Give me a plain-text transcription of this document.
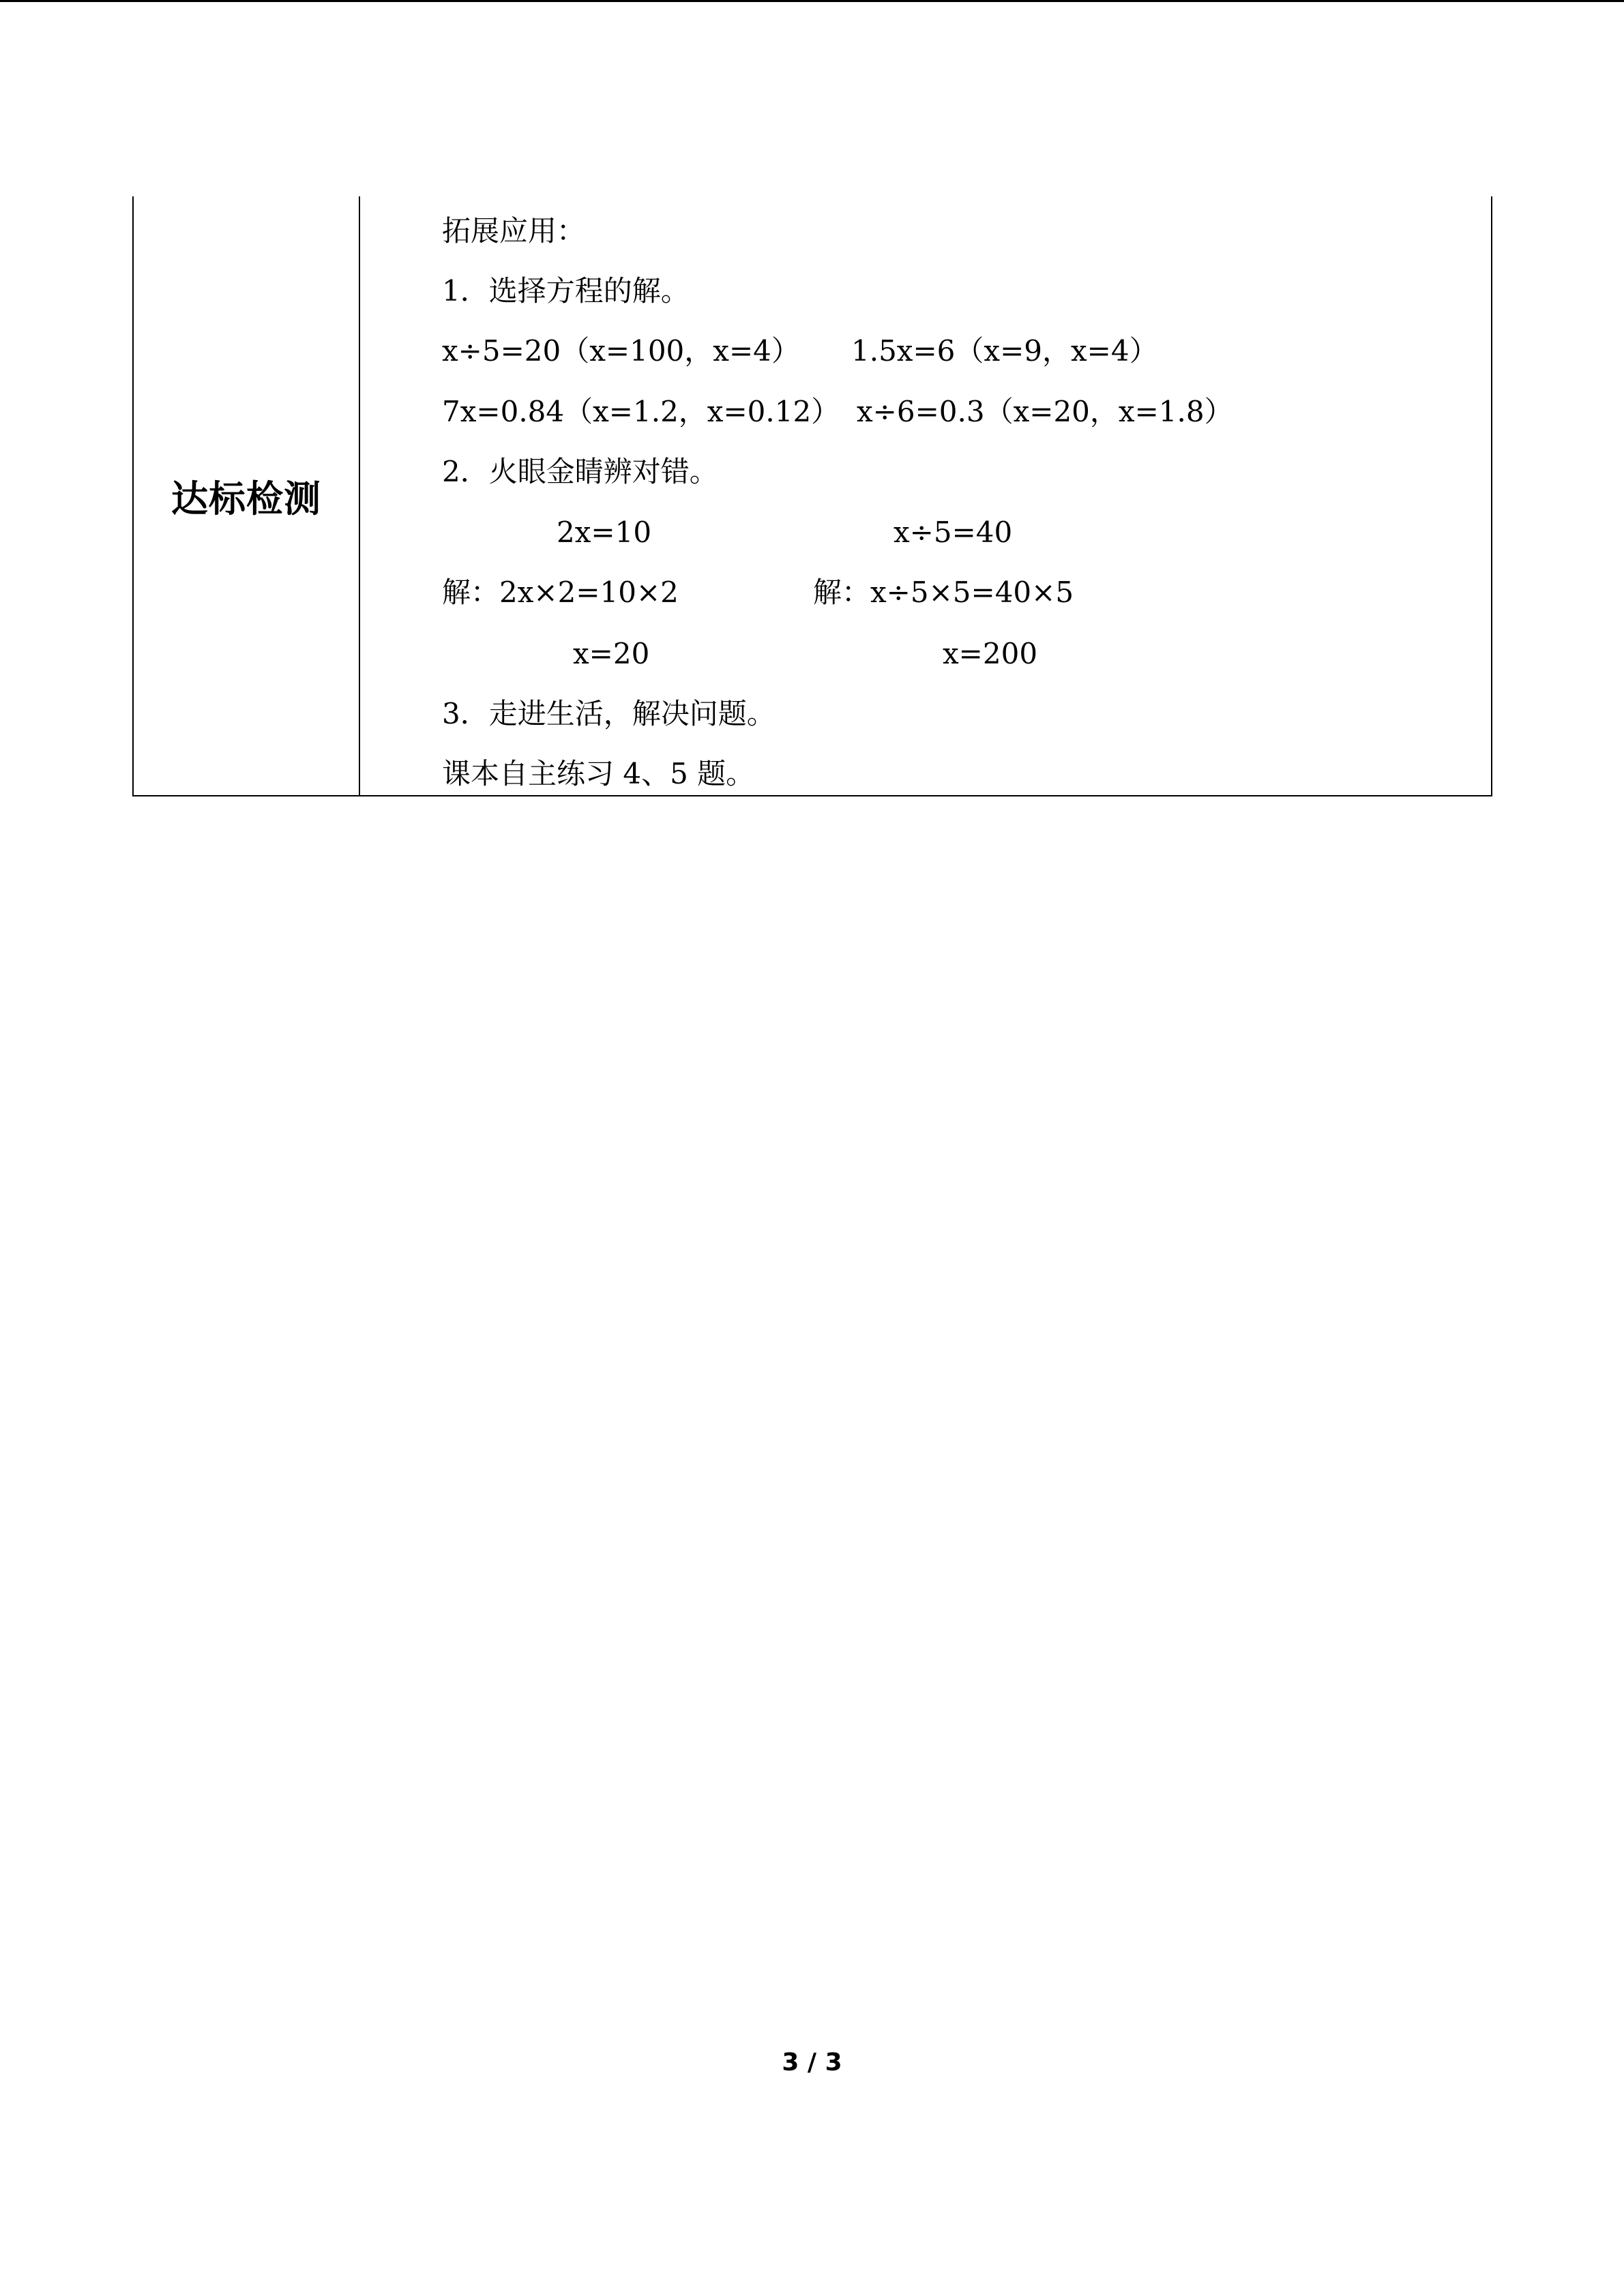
达标检测
拓展应用：
1．选择方程的解。
x÷5=20（x=100，x=4） 1.5x=6（x=9，x=4）
7x=0.84（x=1.2，x=0.12） x÷6=0.3（x=20，x=1.8）
2．火眼金睛辨对错。
2x=10	x÷5=40
解：2x×2=10×2	解：x÷5×5=40×5
x=20	x=200
3．走进生活，解决问题。
课本自主练习 4、5 题。
3 / 3
